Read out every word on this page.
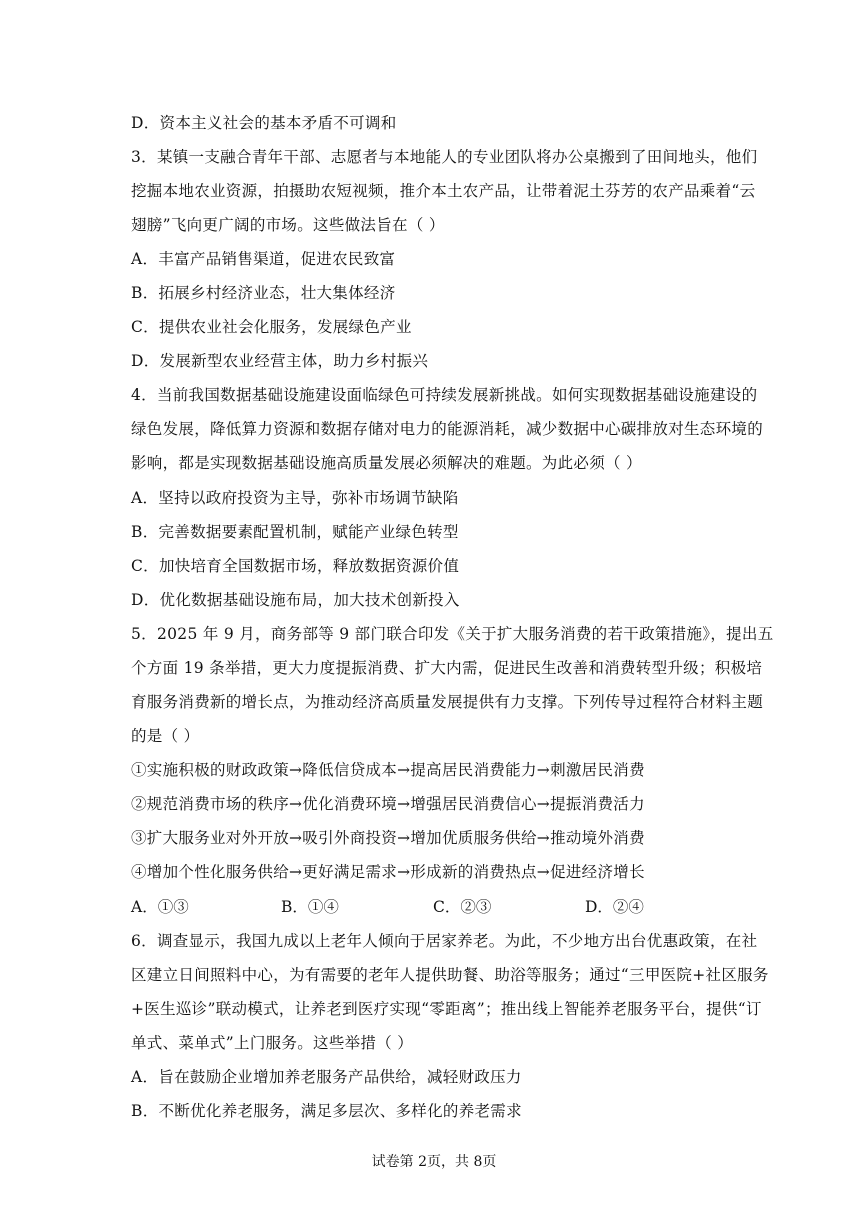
D．资本主义社会的基本矛盾不可调和
3．某镇一支融合青年干部、志愿者与本地能人的专业团队将办公桌搬到了田间地头，他们
挖掘本地农业资源，拍摄助农短视频，推介本土农产品，让带着泥土芬芳的农产品乘着“云
翅膀”飞向更广阔的市场。这些做法旨在（ ）
A．丰富产品销售渠道，促进农民致富
B．拓展乡村经济业态，壮大集体经济
C．提供农业社会化服务，发展绿色产业
D．发展新型农业经营主体，助力乡村振兴
4．当前我国数据基础设施建设面临绿色可持续发展新挑战。如何实现数据基础设施建设的
绿色发展，降低算力资源和数据存储对电力的能源消耗，减少数据中心碳排放对生态环境的
影响，都是实现数据基础设施高质量发展必须解决的难题。为此必须（ ）
A．坚持以政府投资为主导，弥补市场调节缺陷
B．完善数据要素配置机制，赋能产业绿色转型
C．加快培育全国数据市场，释放数据资源价值
D．优化数据基础设施布局，加大技术创新投入
5．2025 年 9 月，商务部等 9 部门联合印发《关于扩大服务消费的若干政策措施》，提出五
个方面 19 条举措，更大力度提振消费、扩大内需，促进民生改善和消费转型升级；积极培
育服务消费新的增长点，为推动经济高质量发展提供有力支撑。下列传导过程符合材料主题
的是（ ）
①实施积极的财政政策→降低信贷成本→提高居民消费能力→刺激居民消费
②规范消费市场的秩序→优化消费环境→增强居民消费信心→提振消费活力
③扩大服务业对外开放→吸引外商投资→增加优质服务供给→推动境外消费
④增加个性化服务供给→更好满足需求→形成新的消费热点→促进经济增长
A．①③	B．①④	C．②③	D．②④
6．调查显示，我国九成以上老年人倾向于居家养老。为此，不少地方出台优惠政策，在社
区建立日间照料中心，为有需要的老年人提供助餐、助浴等服务；通过“三甲医院+社区服务
+医生巡诊”联动模式，让养老到医疗实现“零距离”；推出线上智能养老服务平台，提供“订
单式、菜单式”上门服务。这些举措（ ）
A．旨在鼓励企业增加养老服务产品供给，减轻财政压力
B．不断优化养老服务，满足多层次、多样化的养老需求
试卷第 2页，共 8页
